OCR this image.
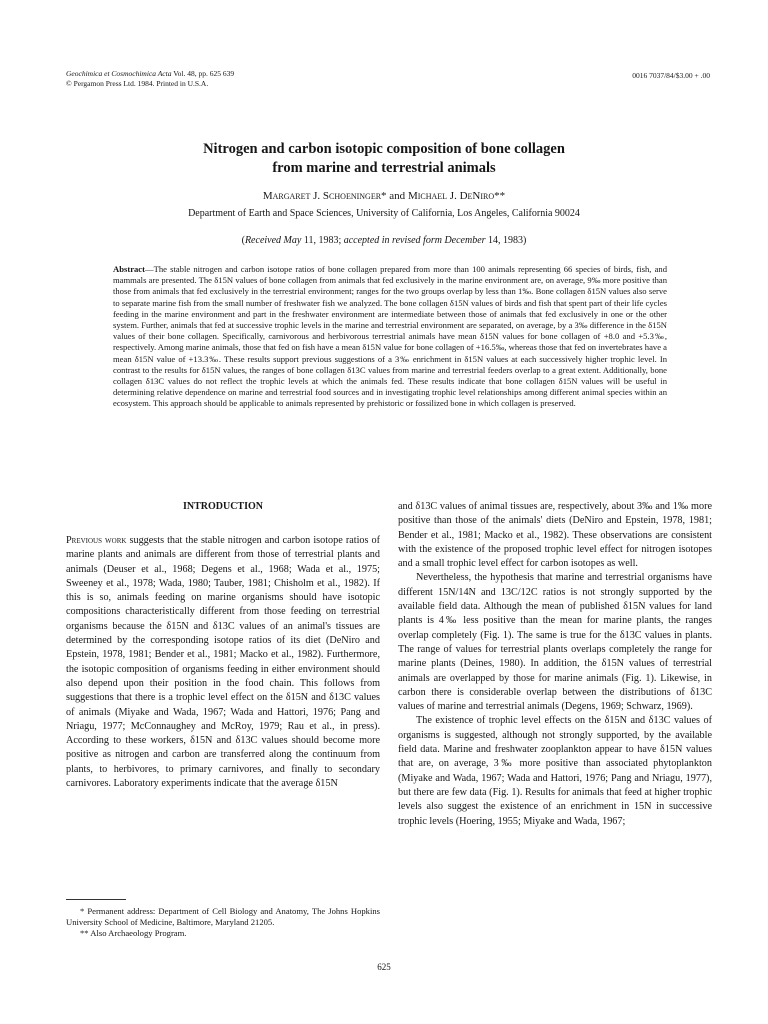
Geochimica et Cosmochimica Acta Vol. 48, pp. 625 639
© Pergamon Press Ltd. 1984. Printed in U.S.A.
0016 7037/84/$3.00 + .00
Nitrogen and carbon isotopic composition of bone collagen
from marine and terrestrial animals
Margaret J. Schoeninger* and Michael J. DeNiro**
Department of Earth and Space Sciences, University of California, Los Angeles, California 90024
(Received May 11, 1983; accepted in revised form December 14, 1983)
Abstract—The stable nitrogen and carbon isotope ratios of bone collagen prepared from more than 100 animals representing 66 species of birds, fish, and mammals are presented. The δ15N values of bone collagen from animals that fed exclusively in the marine environment are, on average, 9‰ more positive than those from animals that fed exclusively in the terrestrial environment; ranges for the two groups overlap by less than 1‰. Bone collagen δ15N values also serve to separate marine fish from the small number of freshwater fish we analyzed. The bone collagen δ15N values of birds and fish that spent part of their life cycles feeding in the marine environment and part in the freshwater environment are intermediate between those of animals that fed exclusively in one or the other system. Further, animals that fed at successive trophic levels in the marine and terrestrial environment are separated, on average, by a 3‰ difference in the δ15N values of their bone collagen. Specifically, carnivorous and herbivorous terrestrial animals have mean δ15N values for bone collagen of +8.0 and +5.3‰, respectively. Among marine animals, those that fed on fish have a mean δ15N value for bone collagen of +16.5‰, whereas those that fed on invertebrates have a mean δ15N value of +13.3‰. These results support previous suggestions of a 3‰ enrichment in δ15N values at each successively higher trophic level. In contrast to the results for δ15N values, the ranges of bone collagen δ13C values from marine and terrestrial feeders overlap to a great extent. Additionally, bone collagen δ13C values do not reflect the trophic levels at which the animals fed. These results indicate that bone collagen δ15N values will be useful in determining relative dependence on marine and terrestrial food sources and in investigating trophic level relationships among different animal species within an ecosystem. This approach should be applicable to animals represented by prehistoric or fossilized bone in which collagen is preserved.
INTRODUCTION

Previous work suggests that the stable nitrogen and carbon isotope ratios of marine plants and animals are different from those of terrestrial plants and animals (Deuser et al., 1968; Degens et al., 1968; Wada et al., 1975; Sweeney et al., 1978; Wada, 1980; Tauber, 1981; Chisholm et al., 1982). If this is so, animals feeding on marine organisms should have isotopic compositions characteristically different from those feeding on terrestrial organisms because the δ15N and δ13C values of an animal's tissues are determined by the corresponding isotope ratios of its diet (DeNiro and Epstein, 1978, 1981; Bender et al., 1981; Macko et al., 1982). Furthermore, the isotopic composition of organisms feeding in either environment should also depend upon their position in the food chain. This follows from suggestions that there is a trophic level effect on the δ15N and δ13C values of animals (Miyake and Wada, 1967; Wada and Hattori, 1976; Pang and Nriagu, 1977; McConnaughey and McRoy, 1979; Rau et al., in press). According to these workers, δ15N and δ13C values should become more positive as nitrogen and carbon are transferred along the continuum from plants, to herbivores, to primary carnivores, and finally to secondary carnivores. Laboratory experiments indicate that the average δ15N

and δ13C values of animal tissues are, respectively, about 3‰ and 1‰ more positive than those of the animals' diets (DeNiro and Epstein, 1978, 1981; Bender et al., 1981; Macko et al., 1982). These observations are consistent with the existence of the proposed trophic level effect for nitrogen isotopes and a small trophic level effect for carbon isotopes as well.

Nevertheless, the hypothesis that marine and terrestrial organisms have different 15N/14N and 13C/12C ratios is not strongly supported by the available field data. Although the mean of published δ15N values for land plants is 4‰ less positive than the mean for marine plants, the ranges overlap completely (Fig. 1). The same is true for the δ13C values in plants. The range of values for terrestrial plants overlaps completely the range for marine plants (Deines, 1980). In addition, the δ15N values of terrestrial animals are overlapped by those for marine animals (Fig. 1). Likewise, in carbon there is considerable overlap between the distributions of δ13C values of marine and terrestrial animals (Degens, 1969; Schwarz, 1969).

The existence of trophic level effects on the δ15N and δ13C values of organisms is suggested, although not strongly supported, by the available field data. Marine and freshwater zooplankton appear to have δ15N values that are, on average, 3‰ more positive than associated phytoplankton (Miyake and Wada, 1967; Wada and Hattori, 1976; Pang and Nriagu, 1977), but there are few data (Fig. 1). Results for animals that feed at higher trophic levels also suggest the existence of an enrichment in 15N in successive trophic levels (Hoering, 1955; Miyake and Wada, 1967;

* Permanent address: Department of Cell Biology and Anatomy, The Johns Hopkins University School of Medicine, Baltimore, Maryland 21205.

** Also Archaeology Program.

625
